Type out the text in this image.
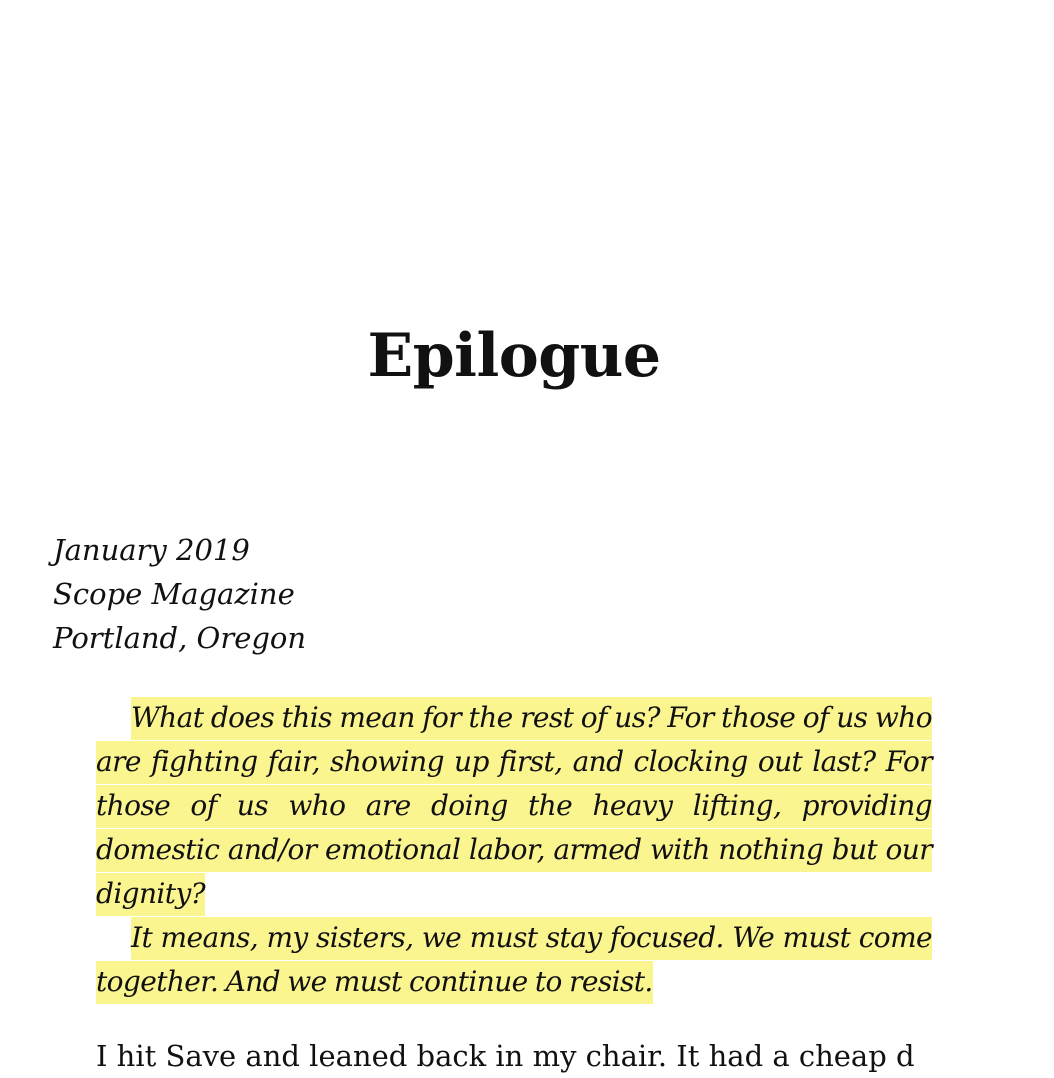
Epilogue
January 2019
Scope Magazine
Portland, Oregon

What does this mean for the rest of us? For those of us who are fighting fair, showing up first, and clocking out last? For those of us who are doing the heavy lifting, providing domestic and/or emotional labor, armed with nothing but our dignity?

It means, my sisters, we must stay focused. We must come together. And we must continue to resist.

I hit Save and leaned back in my chair. It had a cheap d
